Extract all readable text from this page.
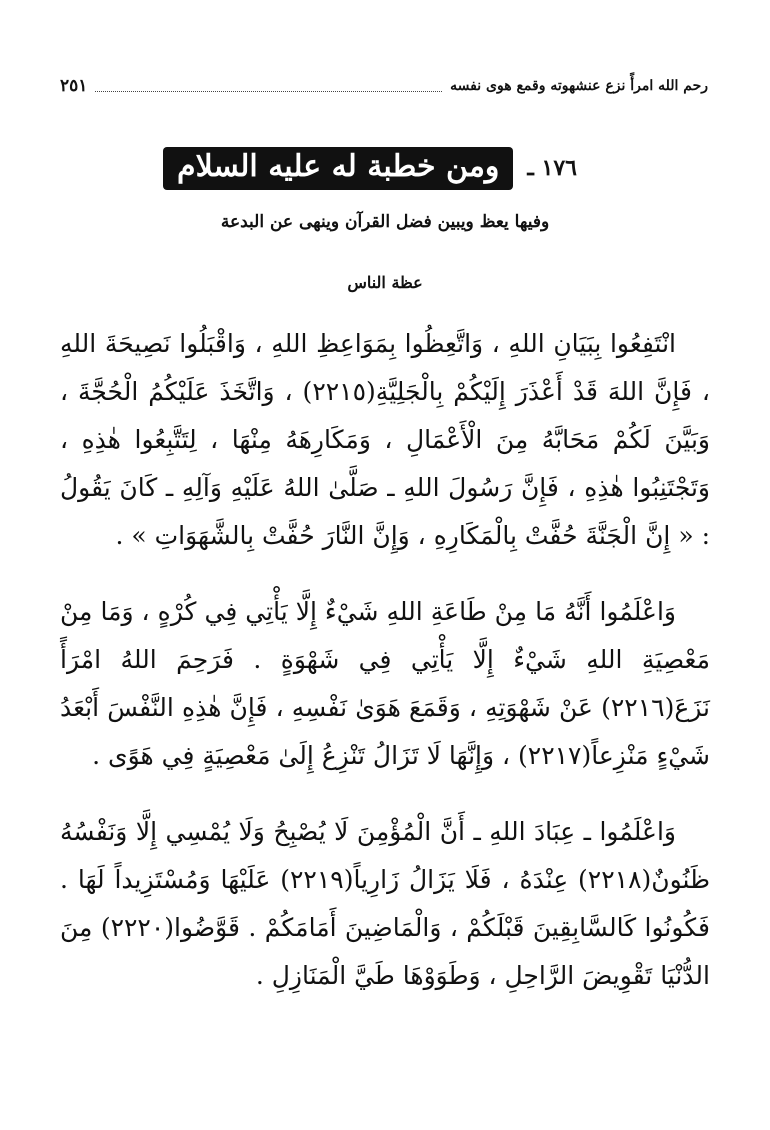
رحم الله امرأً نزع عنشهوته وقمع هوى نفسه
٢٥١
١٧٦ ـ
ومن خطبة له عليه السلام
وفيها يعظ ويبين فضل القرآن وينهى عن البدعة
عظة الناس

انْتَفِعُوا بِبَيَانِ اللهِ ، وَاتَّعِظُوا بِمَوَاعِظِ اللهِ ، وَاقْبَلُوا نَصِيحَةَ اللهِ ، فَإِنَّ اللهَ قَدْ أَعْذَرَ إِلَيْكُمْ بِالْجَلِيَّةِ(٢٢١٥) ، وَاتَّخَذَ عَلَيْكُمُ الْحُجَّةَ ، وَبَيَّنَ لَكُمْ مَحَابَّهُ مِنَ الْأَعْمَالِ ، وَمَكَارِهَهُ مِنْهَا ، لِتَتَّبِعُوا هٰذِهِ ، وَتَجْتَنِبُوا هٰذِهِ ، فَإِنَّ رَسُولَ اللهِ ـ صَلَّىٰ اللهُ عَلَيْهِ وَآلِهِ ـ كَانَ يَقُولُ : « إِنَّ الْجَنَّةَ حُفَّتْ بِالْمَكَارِهِ ، وَإِنَّ النَّارَ حُفَّتْ بِالشَّهَوَاتِ » .

وَاعْلَمُوا أَنَّهُ مَا مِنْ طَاعَةِ اللهِ شَيْءٌ إِلَّا يَأْتِي فِي كُرْهٍ ، وَمَا مِنْ مَعْصِيَةِ اللهِ شَيْءٌ إِلَّا يَأْتِي فِي شَهْوَةٍ . فَرَحِمَ اللهُ امْرَأً نَزَعَ(٢٢١٦) عَنْ شَهْوَتِهِ ، وَقَمَعَ هَوَىٰ نَفْسِهِ ، فَإِنَّ هٰذِهِ النَّفْسَ أَبْعَدُ شَيْءٍ مَنْزِعاً(٢٢١٧) ، وَإِنَّهَا لَا تَزَالُ تَنْزِعُ إِلَىٰ مَعْصِيَةٍ فِي هَوًى .

وَاعْلَمُوا ـ عِبَادَ اللهِ ـ أَنَّ الْمُؤْمِنَ لَا يُصْبِحُ وَلَا يُمْسِي إِلَّا وَنَفْسُهُ ظَنُونٌ(٢٢١٨) عِنْدَهُ ، فَلَا يَزَالُ زَارِياً(٢٢١٩) عَلَيْهَا وَمُسْتَزِيداً لَهَا . فَكُونُوا كَالسَّابِقِينَ قَبْلَكُمْ ، وَالْمَاضِينَ أَمَامَكُمْ . قَوَّضُوا(٢٢٢٠) مِنَ الدُّنْيَا تَقْوِيضَ الرَّاحِلِ ، وَطَوَوْهَا طَيَّ الْمَنَازِلِ .
